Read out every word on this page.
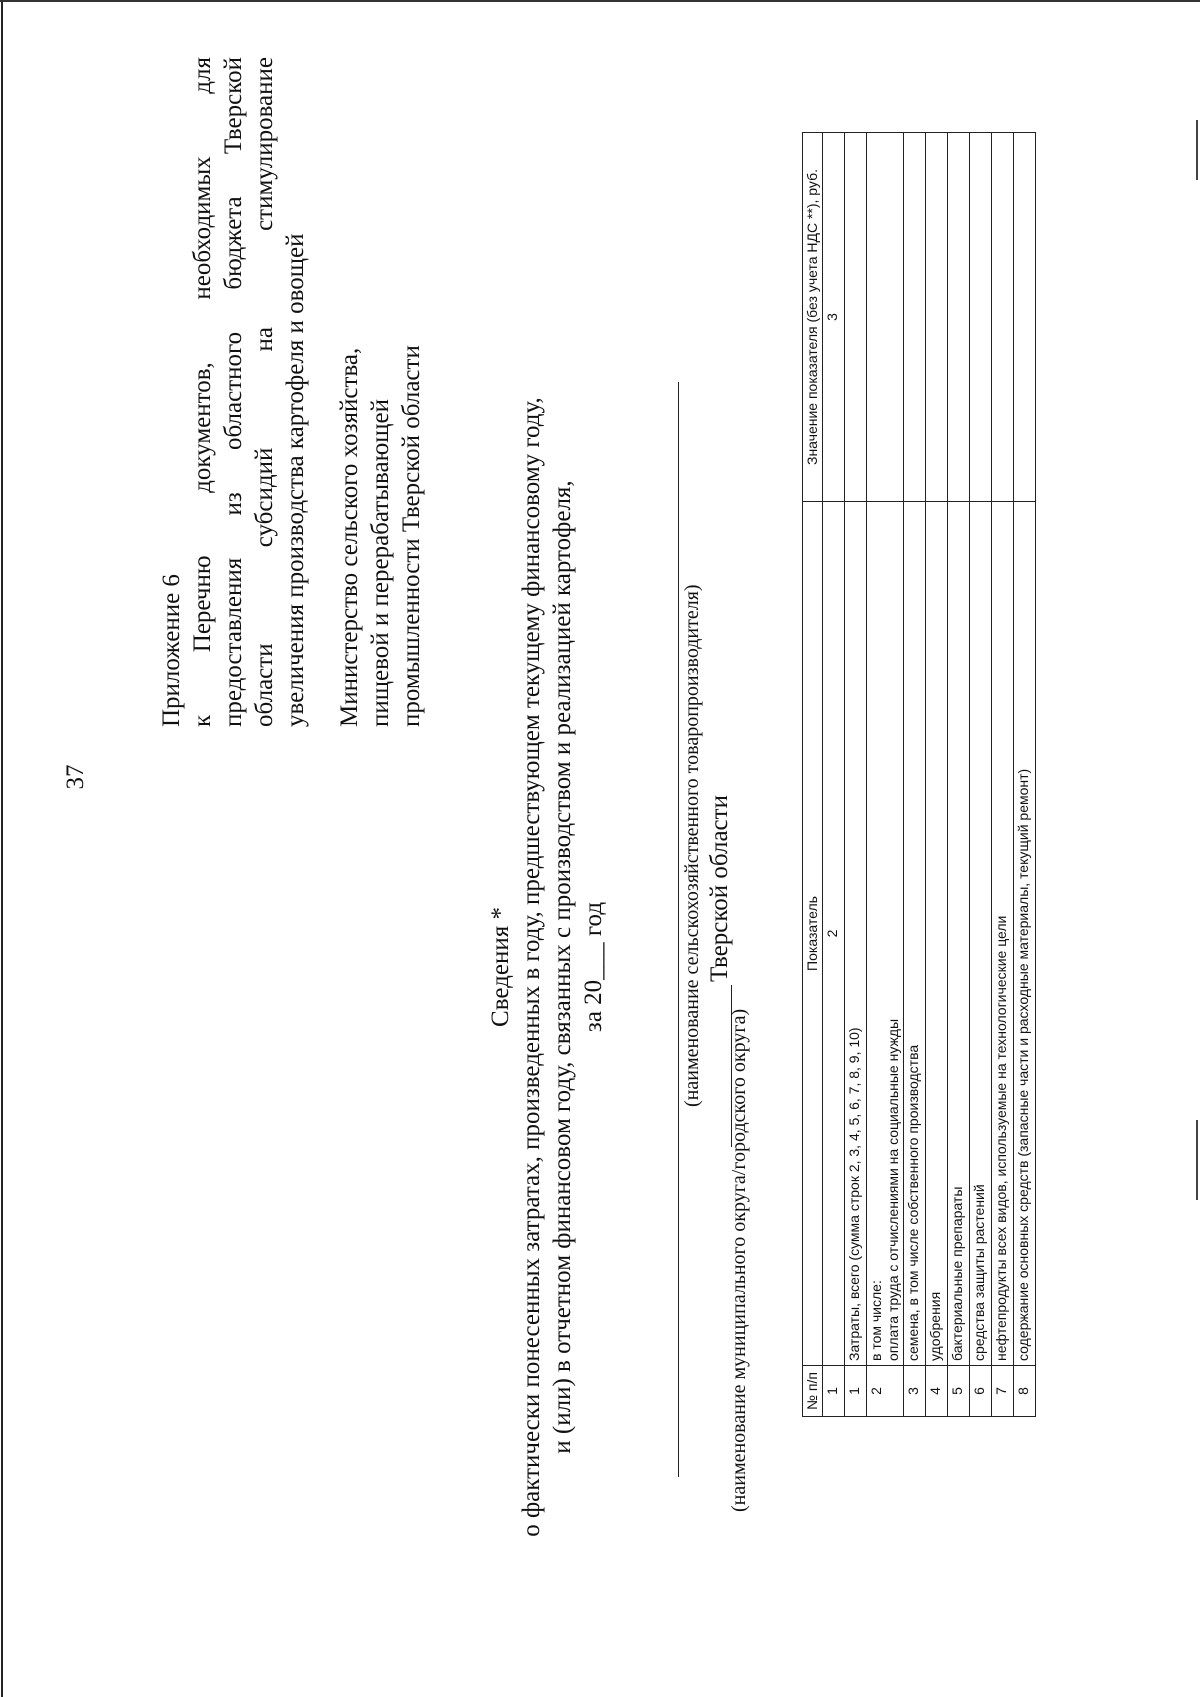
37
Приложение 6 к Перечню документов, необходимых для предоставления из областного бюджета Тверской области субсидий на стимулирование увеличения производства картофеля и овощей Министерство сельского хозяйства, пищевой и перерабатывающей промышленности Тверской области
Сведения * о фактически понесенных затратах, произведенных в году, предшествующем текущему финансовому году, и (или) в отчетном финансовом году, связанных с производством и реализацией картофеля, за 20___ год	(наименование сельскохозяйственного товаропроизводителя) Тверской области
(наименование муниципального округа/городского округа)	№ п/п	Показатель	Значение показателя (без учета НДС **), руб.
1	2	3
1	Затраты, всего (сумма строк 2, 3, 4, 5, 6, 7, 8, 9, 10)	
2	в том числе: оплата труда с отчислениями на социальные нужды	

3	семена, в том числе собственного производства	
4	удобрения	
5	бактериальные препараты	
6	средства защиты растений	
7	нефтепродукты всех видов, используемые на технологические цели	
8	содержание основных средств (запасные части и расходные материалы, текущий ремонт)	
